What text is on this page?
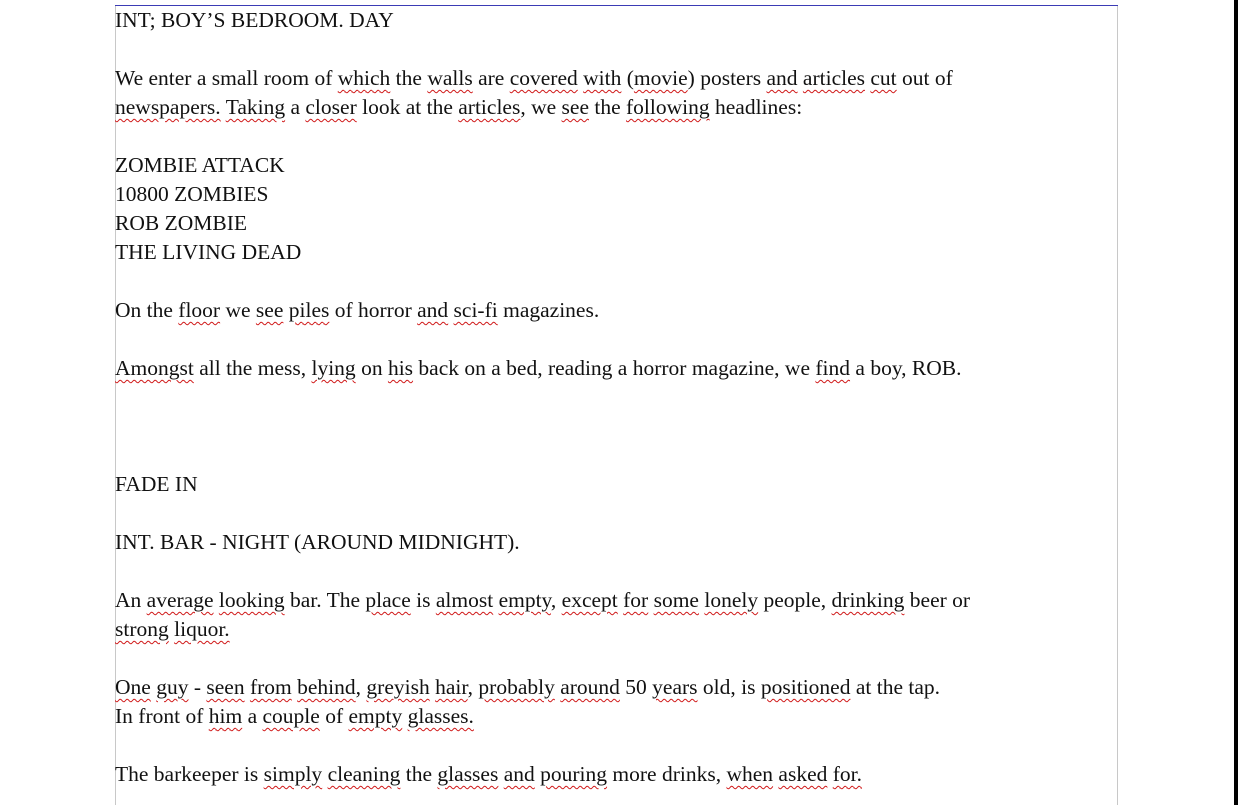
INT; BOY’S BEDROOM. DAY

We enter a small room of which the walls are covered with (movie) posters and articles cut out of
newspapers. Taking a closer look at the articles, we see the following headlines:

ZOMBIE ATTACK

10800 ZOMBIES

ROB ZOMBIE

THE LIVING DEAD

On the floor we see piles of horror and sci-fi magazines.

Amongst all the mess, lying on his back on a bed, reading a horror magazine, we find a boy, ROB.

FADE IN

INT. BAR - NIGHT (AROUND MIDNIGHT).

An average looking bar. The place is almost empty, except for some lonely people, drinking beer or
strong liquor.

One guy - seen from behind, greyish hair, probably around 50 years old, is positioned at the tap.
In front of him a couple of empty glasses.

The barkeeper is simply cleaning the glasses and pouring more drinks, when asked for.
